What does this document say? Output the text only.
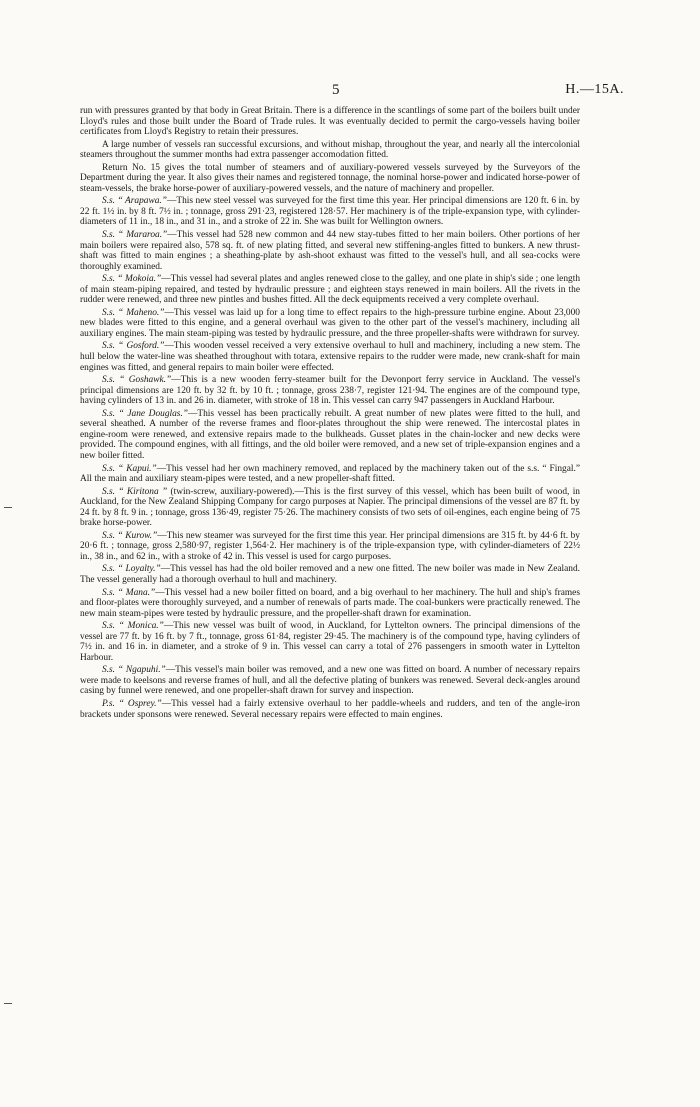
5	H.—15A.

run with pressures granted by that body in Great Britain. There is a difference in the scantlings of some part of the boilers built under Lloyd's rules and those built under the Board of Trade rules. It was eventually decided to permit the cargo-vessels having boiler certificates from Lloyd's Registry to retain their pressures.

A large number of vessels ran successful excursions, and without mishap, throughout the year, and nearly all the intercolonial steamers throughout the summer months had extra passenger accomodation fitted.

Return No. 15 gives the total number of steamers and of auxiliary-powered vessels surveyed by the Surveyors of the Department during the year. It also gives their names and registered tonnage, the nominal horse-power and indicated horse-power of steam-vessels, the brake horse-power of auxiliary-powered vessels, and the nature of machinery and propeller.

S.s. “ Arapawa.”—This new steel vessel was surveyed for the first time this year. Her principal dimensions are 120 ft. 6 in. by 22 ft. 1½ in. by 8 ft. 7½ in. ; tonnage, gross 291·23, registered 128·57. Her machinery is of the triple-expansion type, with cylinder-diameters of 11 in., 18 in., and 31 in., and a stroke of 22 in. She was built for Wellington owners.

S.s. “ Mararoa.”—This vessel had 528 new common and 44 new stay-tubes fitted to her main boilers. Other portions of her main boilers were repaired also, 578 sq. ft. of new plating fitted, and several new stiffening-angles fitted to bunkers. A new thrust-shaft was fitted to main engines ; a sheathing-plate by ash-shoot exhaust was fitted to the vessel's hull, and all sea-cocks were thoroughly examined.

S.s. “ Mokoia.”—This vessel had several plates and angles renewed close to the galley, and one plate in ship's side ; one length of main steam-piping repaired, and tested by hydraulic pressure ; and eighteen stays renewed in main boilers. All the rivets in the rudder were renewed, and three new pintles and bushes fitted. All the deck equipments received a very complete overhaul.

S.s. “ Maheno.”—This vessel was laid up for a long time to effect repairs to the high-pressure turbine engine. About 23,000 new blades were fitted to this engine, and a general overhaul was given to the other part of the vessel's machinery, including all auxiliary engines. The main steam-piping was tested by hydraulic pressure, and the three propeller-shafts were withdrawn for survey.

S.s. “ Gosford.”—This wooden vessel received a very extensive overhaul to hull and machinery, including a new stem. The hull below the water-line was sheathed throughout with totara, extensive repairs to the rudder were made, new crank-shaft for main engines was fitted, and general repairs to main boiler were effected.

S.s. “ Goshawk.”—This is a new wooden ferry-steamer built for the Devonport ferry service in Auckland. The vessel's principal dimensions are 120 ft. by 32 ft. by 10 ft. ; tonnage, gross 238·7, register 121·94. The engines are of the compound type, having cylinders of 13 in. and 26 in. diameter, with stroke of 18 in. This vessel can carry 947 passengers in Auckland Harbour.

S.s. “ Jane Douglas.”—This vessel has been practically rebuilt. A great number of new plates were fitted to the hull, and several sheathed. A number of the reverse frames and floor-plates throughout the ship were renewed. The intercostal plates in engine-room were renewed, and extensive repairs made to the bulkheads. Gusset plates in the chain-locker and new decks were provided. The compound engines, with all fittings, and the old boiler were removed, and a new set of triple-expansion engines and a new boiler fitted.

S.s. “ Kapui.”—This vessel had her own machinery removed, and replaced by the machinery taken out of the s.s. “ Fingal.” All the main and auxiliary steam-pipes were tested, and a new propeller-shaft fitted.

S.s. “ Kiritona ” (twin-screw, auxiliary-powered).—This is the first survey of this vessel, which has been built of wood, in Auckland, for the New Zealand Shipping Company for cargo purposes at Napier. The principal dimensions of the vessel are 87 ft. by 24 ft. by 8 ft. 9 in. ; tonnage, gross 136·49, register 75·26. The machinery consists of two sets of oil-engines, each engine being of 75 brake horse-power.

S.s. “ Kurow.”—This new steamer was surveyed for the first time this year. Her principal dimensions are 315 ft. by 44·6 ft. by 20·6 ft. ; tonnage, gross 2,580·97, register 1,564·2. Her machinery is of the triple-expansion type, with cylinder-diameters of 22½ in., 38 in., and 62 in., with a stroke of 42 in. This vessel is used for cargo purposes.

S.s. “ Loyalty.”—This vessel has had the old boiler removed and a new one fitted. The new boiler was made in New Zealand. The vessel generally had a thorough overhaul to hull and machinery.

S.s. “ Mana.”—This vessel had a new boiler fitted on board, and a big overhaul to her machinery. The hull and ship's frames and floor-plates were thoroughly surveyed, and a number of renewals of parts made. The coal-bunkers were practically renewed. The new main steam-pipes were tested by hydraulic pressure, and the propeller-shaft drawn for examination.

S.s. “ Monica.”—This new vessel was built of wood, in Auckland, for Lyttelton owners. The principal dimensions of the vessel are 77 ft. by 16 ft. by 7 ft., tonnage, gross 61·84, register 29·45. The machinery is of the compound type, having cylinders of 7½ in. and 16 in. in diameter, and a stroke of 9 in. This vessel can carry a total of 276 passengers in smooth water in Lyttelton Harbour.

S.s. “ Ngapuhi.”—This vessel's main boiler was removed, and a new one was fitted on board. A number of necessary repairs were made to keelsons and reverse frames of hull, and all the defective plating of bunkers was renewed. Several deck-angles around casing by funnel were renewed, and one propeller-shaft drawn for survey and inspection.

P.s. “ Osprey.”—This vessel had a fairly extensive overhaul to her paddle-wheels and rudders, and ten of the angle-iron brackets under sponsons were renewed. Several necessary repairs were effected to main engines.
